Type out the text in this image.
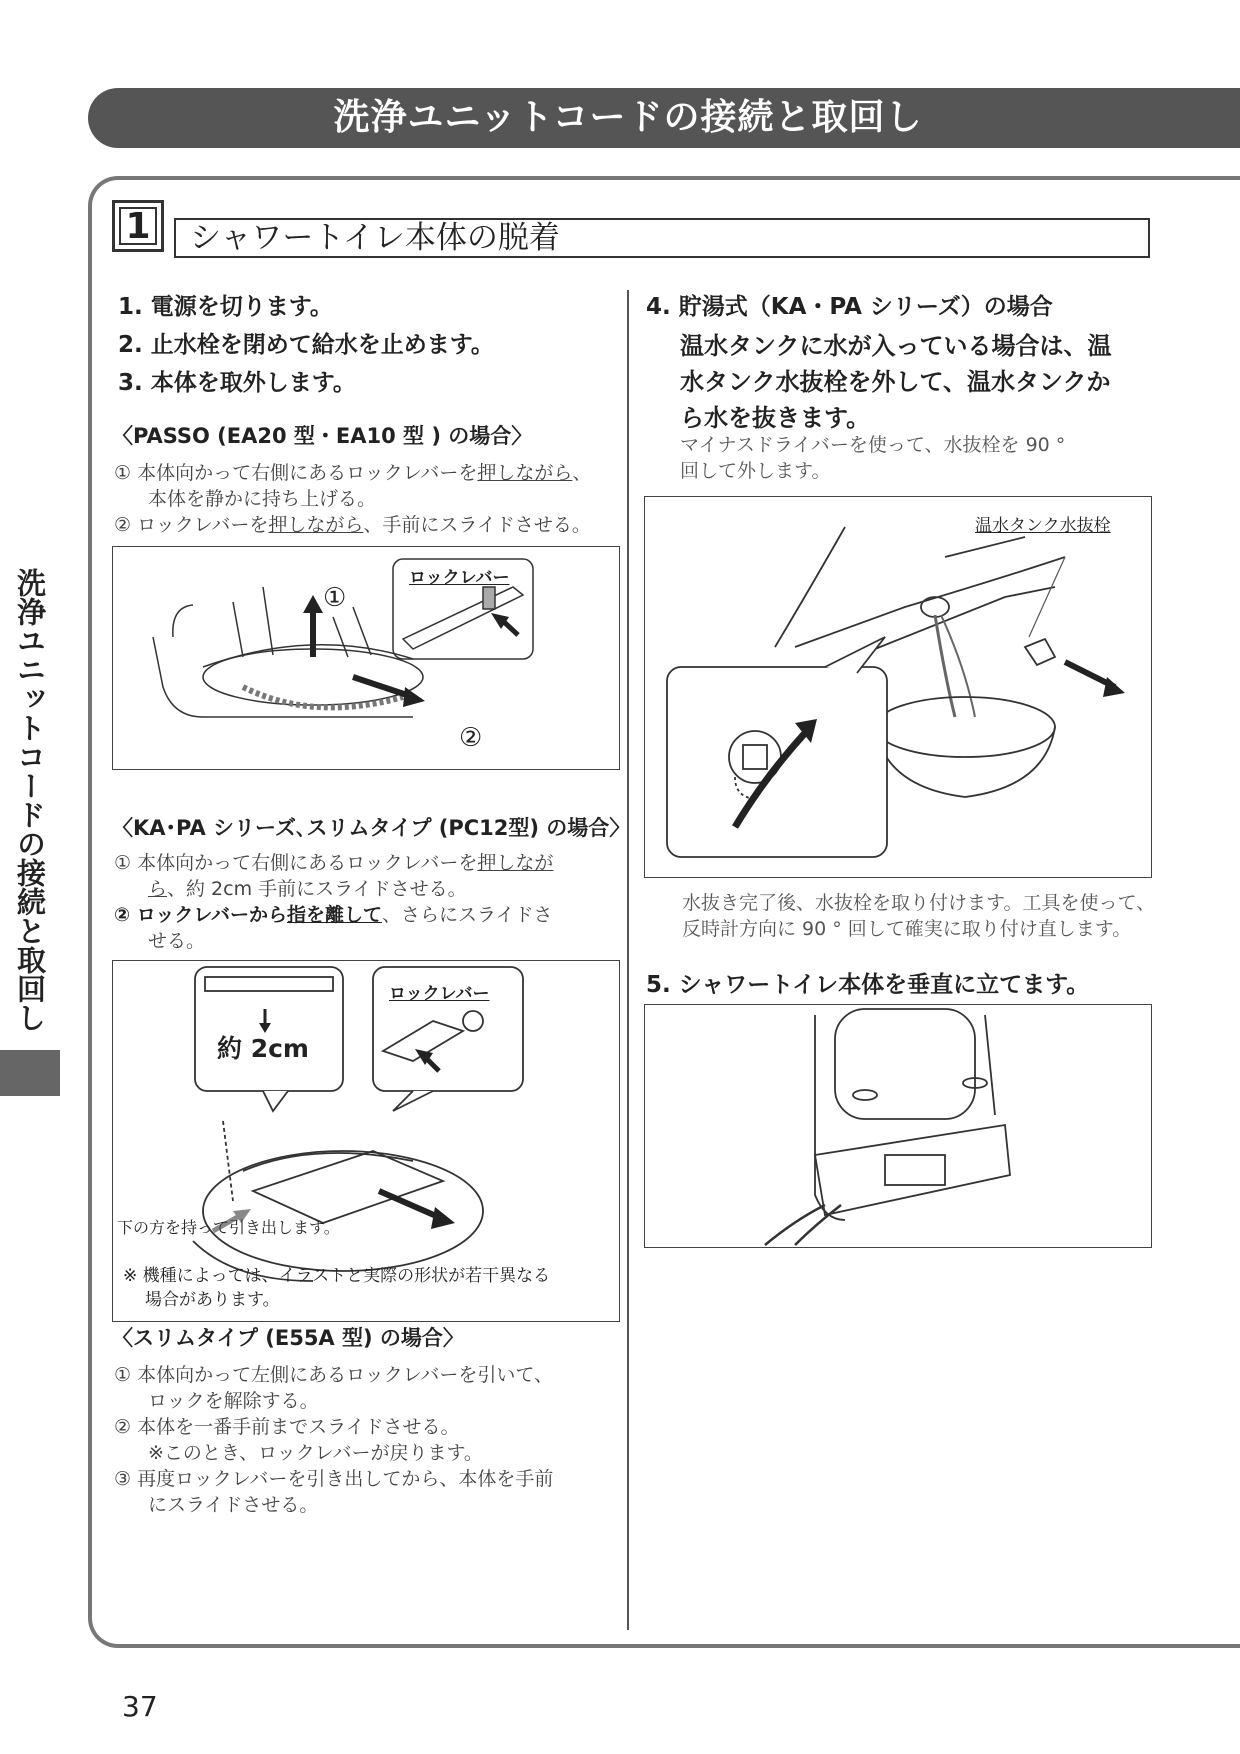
洗浄ユニットコードの接続と取回し
1	シャワートイレ本体の脱着
1. 電源を切ります。
2. 止水栓を閉めて給水を止めます。
3. 本体を取外します。
〈PASSO (EA20 型・EA10 型 ) の場合〉
① 本体向かって右側にあるロックレバーを押しながら、
本体を静かに持ち上げる。
② ロックレバーを押しながら、手前にスライドさせる。
ロックレバー
①
②
〈KA･PA シリーズ､スリムタイプ (PC12型) の場合〉
① 本体向かって右側にあるロックレバーを押しなが
ら、約 2cm 手前にスライドさせる。
② ロックレバーから指を離して、さらにスライドさ
せる。
約 2cm
ロックレバー
下の方を持って引き出します。
※ 機種によっては、イラストと実際の形状が若干異なる
場合があります。
〈スリムタイプ (E55A 型) の場合〉
① 本体向かって左側にあるロックレバーを引いて、
ロックを解除する。
② 本体を一番手前までスライドさせる。
※このとき、ロックレバーが戻ります。
③ 再度ロックレバーを引き出してから、本体を手前
にスライドさせる。
4. 貯湯式（KA・PA シリーズ）の場合
温水タンクに水が入っている場合は、温
水タンク水抜栓を外して、温水タンクか
ら水を抜きます。
マイナスドライバーを使って、水抜栓を 90 °
回して外します。
温水タンク水抜栓
水抜き完了後、水抜栓を取り付けます。工具を使って、
反時計方向に 90 ° 回して確実に取り付け直します。
5. シャワートイレ本体を垂直に立てます。
洗浄ユニットコードの接続と取回し
37
